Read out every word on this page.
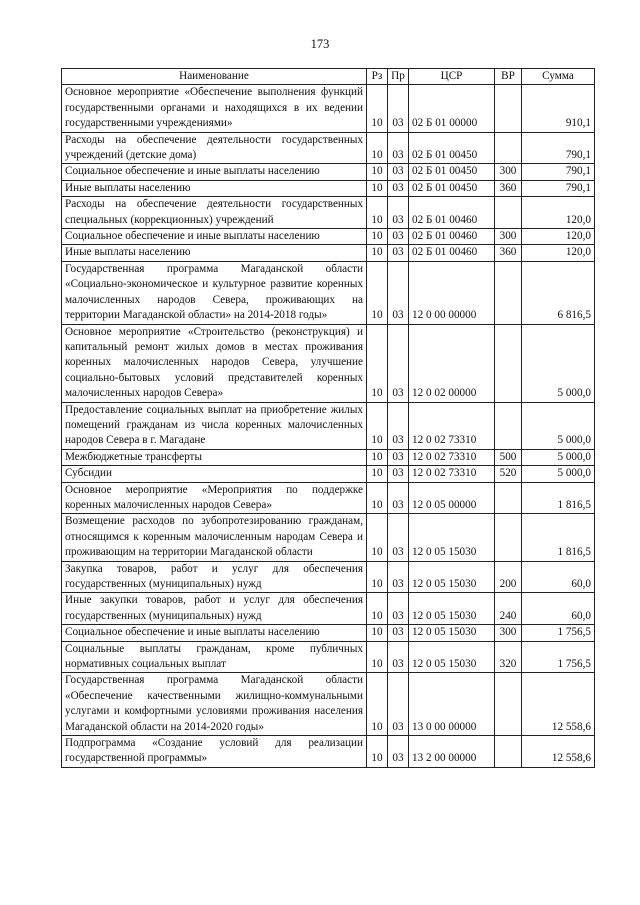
173
Наименование	Рз	Пр	ЦСР	ВР	Сумма
Основное мероприятие «Обеспечение выполнения функций государственными органами и находящихся в их ведении государственными учреждениями»	10	03	02 Б 01 00000		910,1
Расходы на обеспечение деятельности государственных учреждений (детские дома)	10	03	02 Б 01 00450		790,1
Социальное обеспечение и иные выплаты населению	10	03	02 Б 01 00450	300	790,1
Иные выплаты населению	10	03	02 Б 01 00450	360	790,1
Расходы на обеспечение деятельности государственных специальных (коррекционных) учреждений	10	03	02 Б 01 00460		120,0
Социальное обеспечение и иные выплаты населению	10	03	02 Б 01 00460	300	120,0
Иные выплаты населению	10	03	02 Б 01 00460	360	120,0
Государственная программа Магаданской области «Социально-экономическое и культурное развитие коренных малочисленных народов Севера, проживающих на территории Магаданской области» на 2014-2018 годы»	10	03	12 0 00 00000		6 816,5
Основное мероприятие «Строительство (реконструкция) и капитальный ремонт жилых домов в местах проживания коренных малочисленных народов Севера, улучшение социально-бытовых условий представителей коренных малочисленных народов Севера»	10	03	12 0 02 00000		5 000,0
Предоставление социальных выплат на приобретение жилых помещений гражданам из числа коренных малочисленных народов Севера в г. Магадане	10	03	12 0 02 73310		5 000,0
Межбюджетные трансферты	10	03	12 0 02 73310	500	5 000,0
Субсидии	10	03	12 0 02 73310	520	5 000,0
Основное мероприятие «Мероприятия по поддержке коренных малочисленных народов Севера»	10	03	12 0 05 00000		1 816,5
Возмещение расходов по зубопротезированию гражданам, относящимся к коренным малочисленным народам Севера и проживающим на территории Магаданской области	10	03	12 0 05 15030		1 816,5
Закупка товаров, работ и услуг для обеспечения государственных (муниципальных) нужд	10	03	12 0 05 15030	200	60,0
Иные закупки товаров, работ и услуг для обеспечения государственных (муниципальных) нужд	10	03	12 0 05 15030	240	60,0
Социальное обеспечение и иные выплаты населению	10	03	12 0 05 15030	300	1 756,5
Социальные выплаты гражданам, кроме публичных нормативных социальных выплат	10	03	12 0 05 15030	320	1 756,5
Государственная программа Магаданской области «Обеспечение качественными жилищно-коммунальными услугами и комфортными условиями проживания населения Магаданской области на 2014-2020 годы»	10	03	13 0 00 00000		12 558,6
Подпрограмма «Создание условий для реализации государственной программы»	10	03	13 2 00 00000		12 558,6
